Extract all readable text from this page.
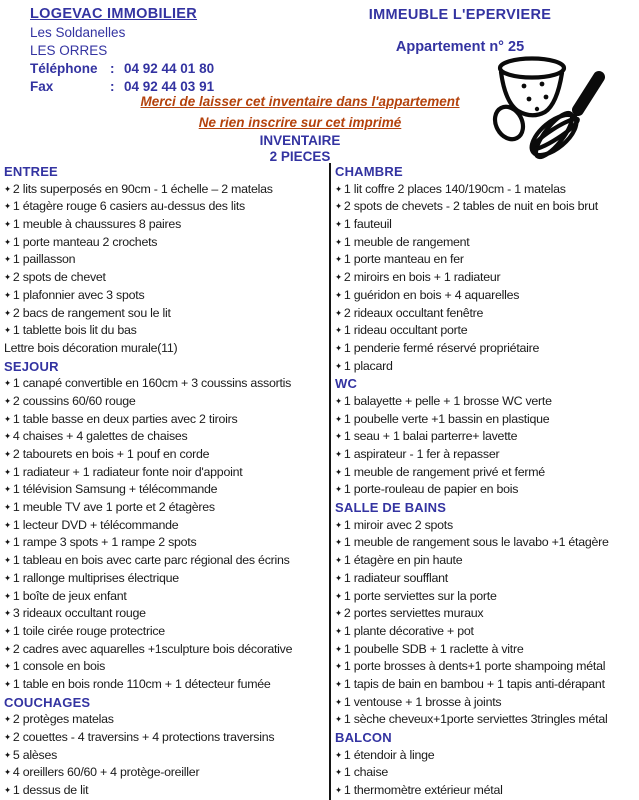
LOGEVAC IMMOBILIER
Les Soldanelles
LES ORRES
Téléphone : 04 92 44 01 80
Fax	: 04 92 44 03 91
IMMEUBLE L'EPERVIERE
Appartement n° 25
Merci de laisser cet inventaire dans l'appartement
Ne rien inscrire sur cet imprimé
INVENTAIRE
2 PIECES
ENTREE
✦ 2 lits superposés en 90cm - 1 échelle – 2 matelas
✦ 1 étagère rouge 6 casiers au-dessus des lits
✦ 1 meuble à chaussures 8 paires
✦ 1 porte manteau 2 crochets
✦ 1 paillasson
✦ 2 spots de chevet
✦ 1 plafonnier avec 3 spots
✦ 2 bacs de rangement sou le lit
✦ 1 tablette bois lit du bas
Lettre bois décoration murale(11)
SEJOUR
✦ 1 canapé convertible en 160cm + 3 coussins assortis
✦ 2 coussins 60/60 rouge
✦ 1 table basse en deux parties avec 2 tiroirs
✦ 4 chaises + 4 galettes de chaises
✦ 2 tabourets en bois + 1 pouf en corde
✦ 1 radiateur + 1 radiateur fonte noir d'appoint
✦ 1 télévision Samsung + télécommande
✦ 1 meuble TV ave 1 porte et 2 étagères
✦ 1 lecteur DVD + télécommande
✦ 1 rampe 3 spots + 1 rampe 2 spots
✦ 1 tableau en bois avec carte parc régional des écrins
✦ 1 rallonge multiprises électrique
✦ 1 boîte de jeux enfant
✦ 3 rideaux occultant rouge
✦ 1 toile cirée rouge protectrice
✦ 2 cadres avec aquarelles +1sculpture bois décorative
✦ 1 console en bois
✦ 1 table en bois ronde 110cm + 1 détecteur fumée
COUCHAGES
✦ 2 protèges matelas
✦ 2 couettes - 4 traversins + 4 protections traversins
✦ 5 alèses
✦ 4 oreillers 60/60 + 4 protège-oreiller
✦ 1 dessus de lit
CHAMBRE
✦ 1 lit coffre 2 places 140/190cm - 1 matelas
✦ 2 spots de chevets - 2 tables de nuit en bois brut
✦ 1 fauteuil
✦ 1 meuble de rangement
✦ 1 porte manteau en fer
✦ 2 miroirs en bois + 1 radiateur
✦ 1 guéridon en bois + 4 aquarelles
✦ 2 rideaux occultant fenêtre
✦ 1 rideau occultant porte
✦ 1 penderie fermé réservé propriétaire
✦ 1 placard
WC
✦ 1 balayette + pelle + 1 brosse WC verte
✦ 1 poubelle verte +1 bassin en plastique
✦ 1 seau + 1 balai parterre+ lavette
✦ 1 aspirateur - 1 fer à repasser
✦ 1 meuble de rangement privé et fermé
✦ 1 porte-rouleau de papier en bois
SALLE DE BAINS
✦ 1 miroir avec 2 spots
✦ 1 meuble de rangement sous le lavabo +1 étagère
✦ 1 étagère en pin haute
✦ 1 radiateur soufflant
✦ 1 porte serviettes sur la porte
✦ 2 portes serviettes muraux
✦ 1 plante décorative + pot
✦ 1 poubelle SDB + 1 raclette à vitre
✦ 1 porte brosses à dents+1 porte shampoing métal
✦ 1 tapis de bain en bambou + 1 tapis anti-dérapant
✦ 1 ventouse + 1 brosse à joints
✦ 1 sèche cheveux+1porte serviettes 3tringles métal
BALCON
✦ 1 étendoir à linge
✦ 1 chaise
✦ 1 thermomètre extérieur métal
